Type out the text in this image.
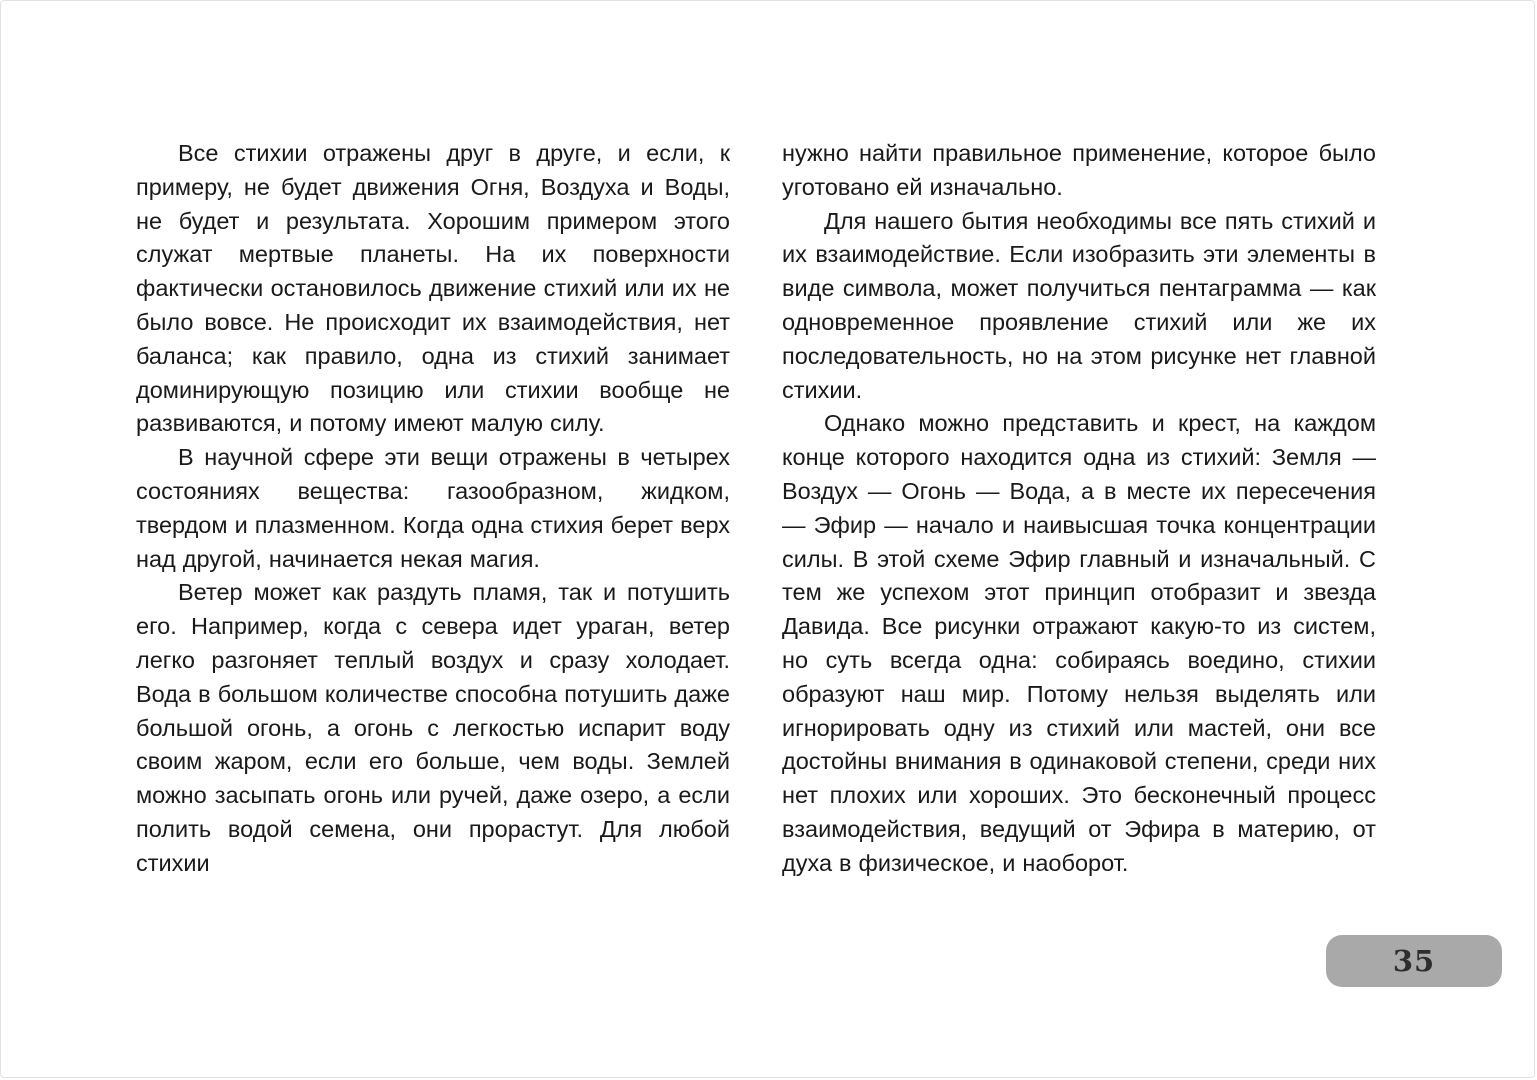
Все стихии отражены друг в друге, и если, к примеру, не будет движения Огня, Воздуха и Воды, не будет и результата. Хорошим примером этого служат мертвые планеты. На их поверхности фактически остановилось движение стихий или их не было вовсе. Не происходит их взаимодействия, нет баланса; как правило, одна из стихий занимает доминирующую позицию или стихии вообще не развиваются, и потому имеют малую силу.

В научной сфере эти вещи отражены в четырех состояниях вещества: газообразном, жидком, твердом и плазменном. Когда одна стихия берет верх над другой, начинается некая магия.

Ветер может как раздуть пламя, так и потушить его. Например, когда с севера идет ураган, ветер легко разгоняет теплый воздух и сразу холодает. Вода в большом количестве способна потушить даже большой огонь, а огонь с легкостью испарит воду своим жаром, если его больше, чем воды. Землей можно засыпать огонь или ручей, даже озеро, а если полить водой семена, они прорастут. Для любой стихии

нужно найти правильное применение, которое было уготовано ей изначально.

Для нашего бытия необходимы все пять стихий и их взаимодействие. Если изобразить эти элементы в виде символа, может получиться пентаграмма — как одновременное проявление стихий или же их последовательность, но на этом рисунке нет главной стихии.

Однако можно представить и крест, на каждом конце которого находится одна из стихий: Земля — Воздух — Огонь — Вода, а в месте их пересечения — Эфир — начало и наивысшая точка концентрации силы. В этой схеме Эфир главный и изначальный. С тем же успехом этот принцип отобразит и звезда Давида. Все рисунки отражают какую-то из систем, но суть всегда одна: собираясь воедино, стихии образуют наш мир. Потому нельзя выделять или игнорировать одну из стихий или мастей, они все достойны внимания в одинаковой степени, среди них нет плохих или хороших. Это бесконечный процесс взаимодействия, ведущий от Эфира в материю, от духа в физическое, и наоборот.

35
